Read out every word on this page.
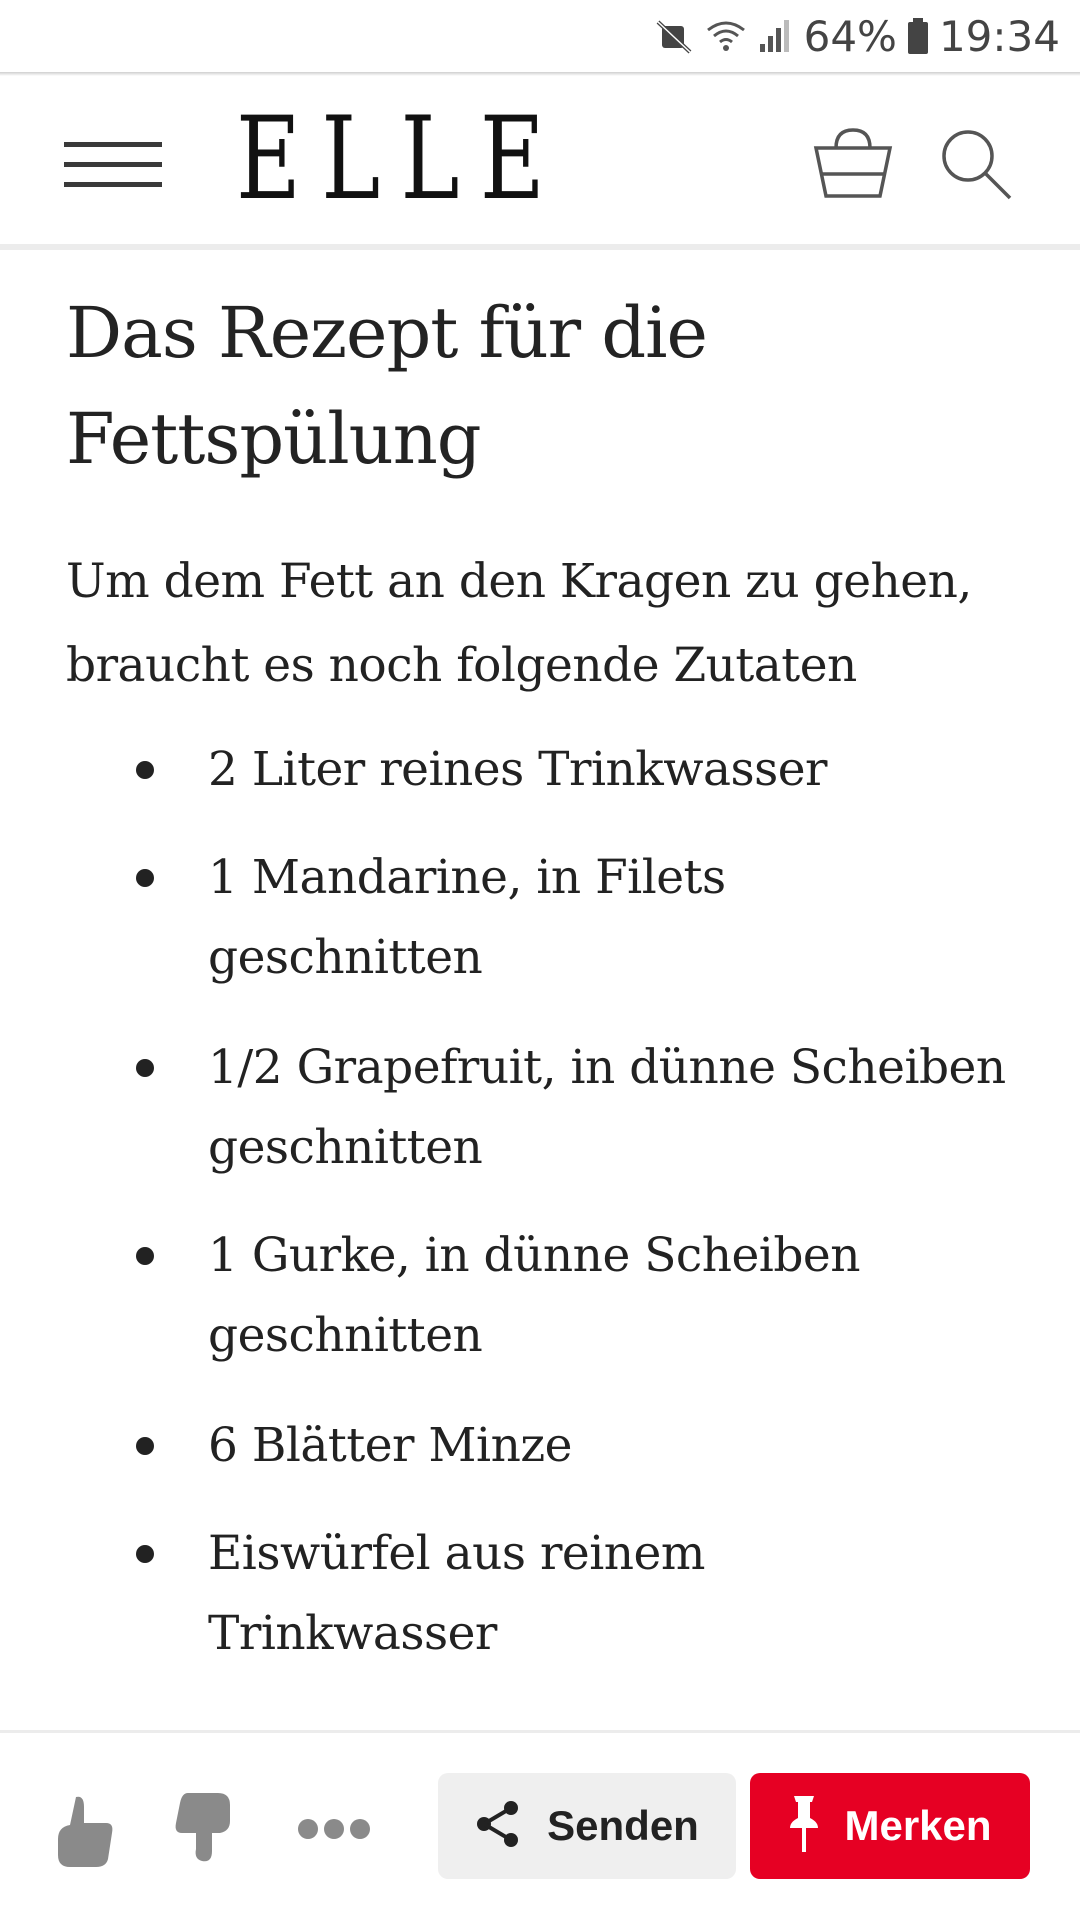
64% 19:34
ELLE
Das Rezept für die Fettspülung

Um dem Fett an den Kragen zu gehen, braucht es noch folgende Zutaten

2 Liter reines Trinkwasser
1 Mandarine, in Filets geschnitten
1/2 Grapefruit, in dünne Scheiben geschnitten
1 Gurke, in dünne Scheiben geschnitten
6 Blätter Minze
Eiswürfel aus reinem Trinkwasser
Senden	Merken
